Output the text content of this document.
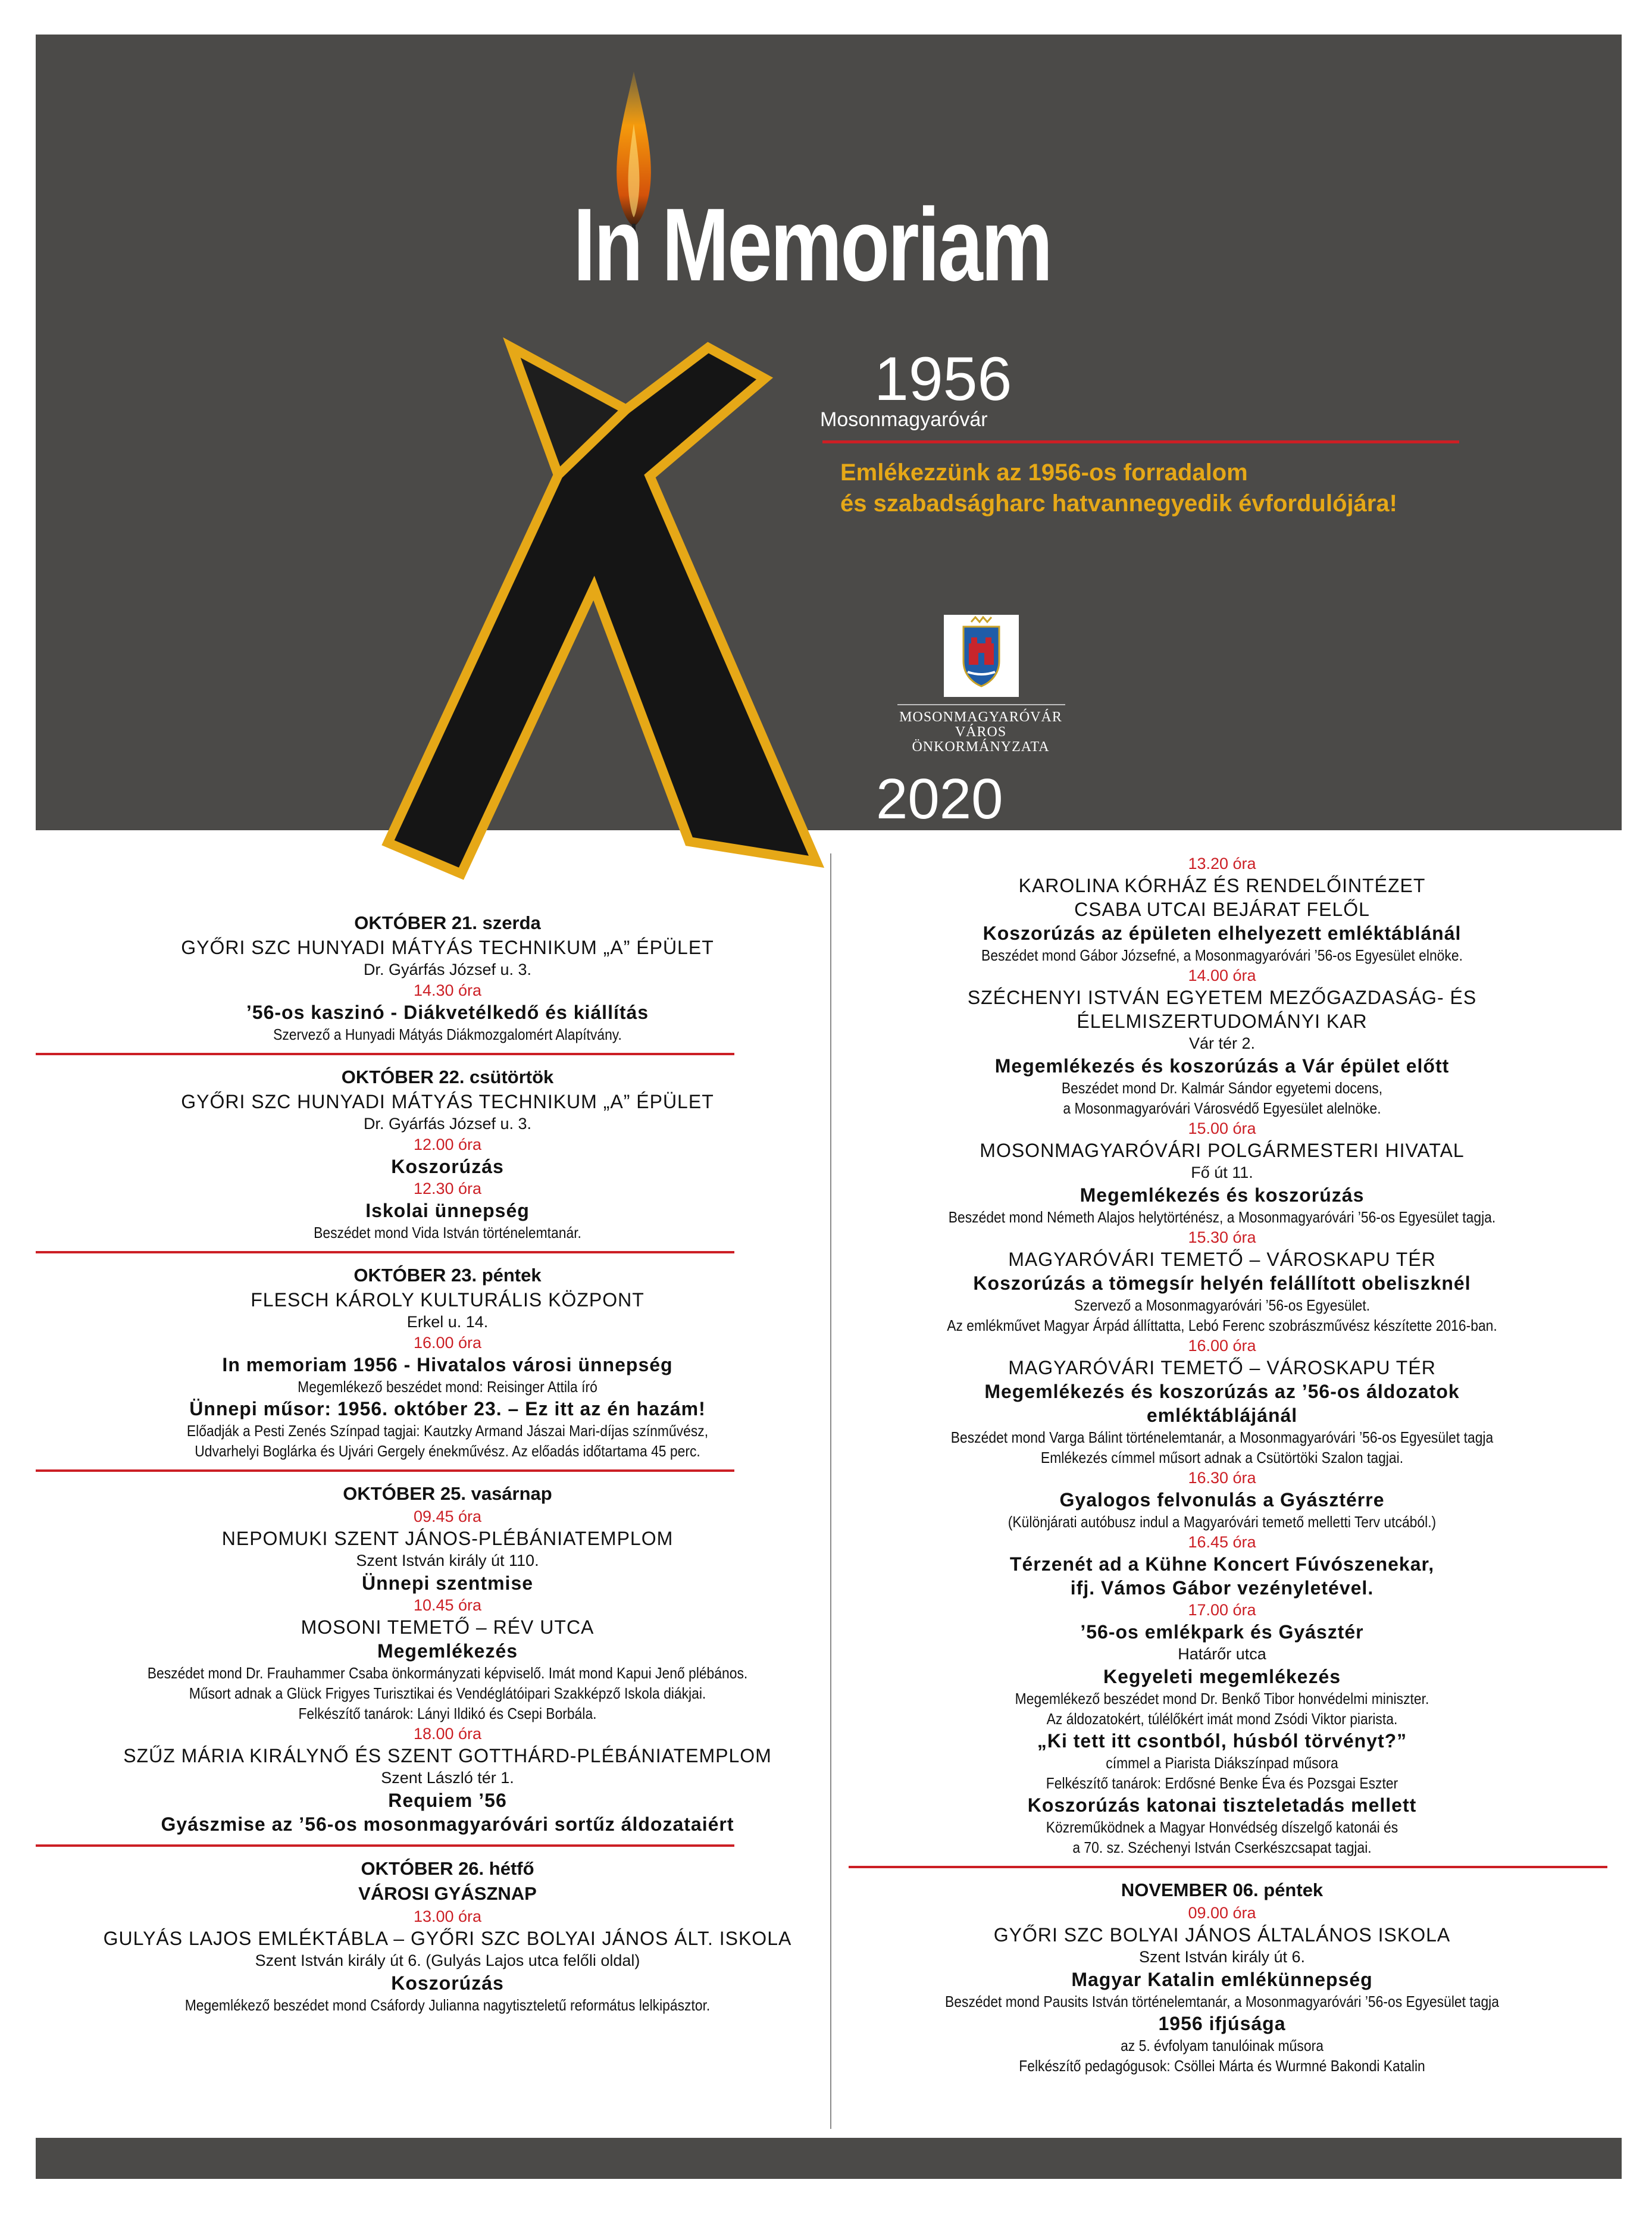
In Memoriam
1956
Mosonmagyaróvár
Emlékezzünk az 1956-os forradalom
és szabadságharc hatvannegyedik évfordulójára!
MOSONMAGYARÓVÁR
VÁROS
ÖNKORMÁNYZATA
2020
OKTÓBER 21. szerda
GYŐRI SZC HUNYADI MÁTYÁS TECHNIKUM „A” ÉPÜLET
Dr. Gyárfás József u. 3.
14.30 óra
’56-os kaszinó - Diákvetélkedő és kiállítás
Szervező a Hunyadi Mátyás Diákmozgalomért Alapítvány.
OKTÓBER 22. csütörtök
GYŐRI SZC HUNYADI MÁTYÁS TECHNIKUM „A” ÉPÜLET
Dr. Gyárfás József u. 3.
12.00 óra
Koszorúzás
12.30 óra
Iskolai ünnepség
Beszédet mond Vida István történelemtanár.
OKTÓBER 23. péntek
FLESCH KÁROLY KULTURÁLIS KÖZPONT
Erkel u. 14.
16.00 óra
In memoriam 1956 - Hivatalos városi ünnepség
Megemlékező beszédet mond: Reisinger Attila író
Ünnepi műsor: 1956. október 23. – Ez itt az én hazám!
Előadják a Pesti Zenés Színpad tagjai: Kautzky Armand Jászai Mari-díjas színművész,
Udvarhelyi Boglárka és Ujvári Gergely énekművész. Az előadás időtartama 45 perc.
OKTÓBER 25. vasárnap
09.45 óra
NEPOMUKI SZENT JÁNOS-PLÉBÁNIATEMPLOM
Szent István király út 110.
Ünnepi szentmise
10.45 óra
MOSONI TEMETŐ – RÉV UTCA
Megemlékezés
Beszédet mond Dr. Frauhammer Csaba önkormányzati képviselő. Imát mond Kapui Jenő plébános.
Műsort adnak a Glück Frigyes Turisztikai és Vendéglátóipari Szakképző Iskola diákjai.
Felkészítő tanárok: Lányi Ildikó és Csepi Borbála.
18.00 óra
SZŰZ MÁRIA KIRÁLYNŐ ÉS SZENT GOTTHÁRD-PLÉBÁNIATEMPLOM
Szent László tér 1.
Requiem ’56
Gyászmise az ’56-os mosonmagyaróvári sortűz áldozataiért
OKTÓBER 26. hétfő
VÁROSI GYÁSZNAP
13.00 óra
GULYÁS LAJOS EMLÉKTÁBLA – GYŐRI SZC BOLYAI JÁNOS ÁLT. ISKOLA
Szent István király út 6. (Gulyás Lajos utca felőli oldal)
Koszorúzás
Megemlékező beszédet mond Csáfordy Julianna nagytiszteletű református lelkipásztor.
13.20 óra
KAROLINA KÓRHÁZ ÉS RENDELŐINTÉZET
CSABA UTCAI BEJÁRAT FELŐL
Koszorúzás az épületen elhelyezett emléktáblánál
Beszédet mond Gábor Józsefné, a Mosonmagyaróvári ’56-os Egyesület elnöke.
14.00 óra
SZÉCHENYI ISTVÁN EGYETEM MEZŐGAZDASÁG- ÉS
ÉLELMISZERTUDOMÁNYI KAR
Vár tér 2.
Megemlékezés és koszorúzás a Vár épület előtt
Beszédet mond Dr. Kalmár Sándor egyetemi docens,
a Mosonmagyaróvári Városvédő Egyesület alelnöke.
15.00 óra
MOSONMAGYARÓVÁRI POLGÁRMESTERI HIVATAL
Fő út 11.
Megemlékezés és koszorúzás
Beszédet mond Németh Alajos helytörténész, a Mosonmagyaróvári ’56-os Egyesület tagja.
15.30 óra
MAGYARÓVÁRI TEMETŐ – VÁROSKAPU TÉR
Koszorúzás a tömegsír helyén felállított obeliszknél
Szervező a Mosonmagyaróvári ’56-os Egyesület.
Az emlékművet Magyar Árpád állíttatta, Lebó Ferenc szobrászművész készítette 2016-ban.
16.00 óra
MAGYARÓVÁRI TEMETŐ – VÁROSKAPU TÉR
Megemlékezés és koszorúzás az ’56-os áldozatok
emléktáblájánál
Beszédet mond Varga Bálint történelemtanár, a Mosonmagyaróvári ’56-os Egyesület tagja
Emlékezés címmel műsort adnak a Csütörtöki Szalon tagjai.
16.30 óra
Gyalogos felvonulás a Gyásztérre
(Különjárati autóbusz indul a Magyaróvári temető melletti Terv utcából.)
16.45 óra
Térzenét ad a Kühne Koncert Fúvószenekar,
ifj. Vámos Gábor vezényletével.
17.00 óra
’56-os emlékpark és Gyásztér
Határőr utca
Kegyeleti megemlékezés
Megemlékező beszédet mond Dr. Benkő Tibor honvédelmi miniszter.
Az áldozatokért, túlélőkért imát mond Zsódi Viktor piarista.
„Ki tett itt csontból, húsból törvényt?”
címmel a Piarista Diákszínpad műsora
Felkészítő tanárok: Erdősné Benke Éva és Pozsgai Eszter
Koszorúzás katonai tiszteletadás mellett
Közreműködnek a Magyar Honvédség díszelgő katonái és
a 70. sz. Széchenyi István Cserkészcsapat tagjai.
NOVEMBER 06. péntek
09.00 óra
GYŐRI SZC BOLYAI JÁNOS ÁLTALÁNOS ISKOLA
Szent István király út 6.
Magyar Katalin emlékünnepség
Beszédet mond Pausits István történelemtanár, a Mosonmagyaróvári ’56-os Egyesület tagja
1956 ifjúsága
az 5. évfolyam tanulóinak műsora
Felkészítő pedagógusok: Csöllei Márta és Wurmné Bakondi Katalin
